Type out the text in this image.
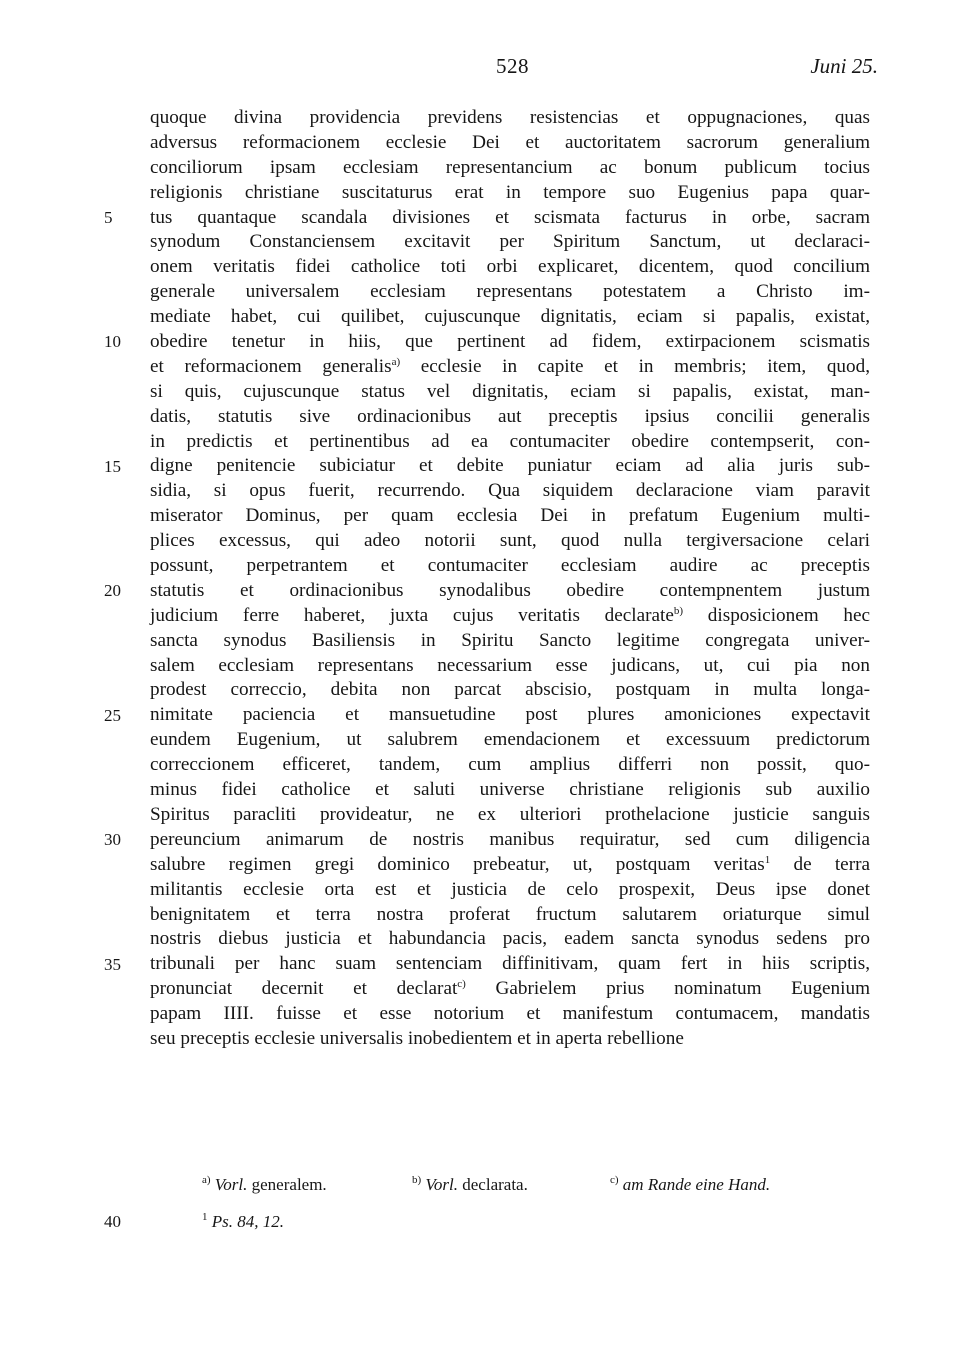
528	Juni 25.
5
10
15
20
25
30
35
quoque divina providencia previdens resistencias et oppugnaciones, quas
adversus reformacionem ecclesie Dei et auctoritatem sacrorum generalium
conciliorum ipsam ecclesiam representancium ac bonum publicum tocius
religionis christiane suscitaturus erat in tempore suo Eugenius papa quar-
tus quantaque scandala divisiones et scismata facturus in orbe, sacram
synodum Constanciensem excitavit per Spiritum Sanctum, ut declaraci-
onem veritatis fidei catholice toti orbi explicaret, dicentem, quod concilium
generale universalem ecclesiam representans potestatem a Christo im-
mediate habet, cui quilibet, cujuscunque dignitatis, eciam si papalis, existat,
obedire tenetur in hiis, que pertinent ad fidem, extirpacionem scismatis
et reformacionem generalis$^{a)}$ ecclesie in capite et in membris; item, quod,
si quis, cujuscunque status vel dignitatis, eciam si papalis, existat, man-
datis, statutis sive ordinacionibus aut preceptis ipsius concilii generalis
in predictis et pertinentibus ad ea contumaciter obedire contempserit, con-
digne penitencie subiciatur et debite puniatur eciam ad alia juris sub-
sidia, si opus fuerit, recurrendo. Qua siquidem declaracione viam paravit
miserator Dominus, per quam ecclesia Dei in prefatum Eugenium multi-
plices excessus, qui adeo notorii sunt, quod nulla tergiversacione celari
possunt, perpetrantem et contumaciter ecclesiam audire ac preceptis
statutis et ordinacionibus synodalibus obedire contempnentem justum
judicium ferre haberet, juxta cujus veritatis declarate$^{b)}$ disposicionem hec
sancta synodus Basiliensis in Spiritu Sancto legitime congregata univer-
salem ecclesiam representans necessarium esse judicans, ut, cui pia non
prodest correccio, debita non parcat abscisio, postquam in multa longa-
nimitate paciencia et mansuetudine post plures amoniciones expectavit
eundem Eugenium, ut salubrem emendacionem et excessuum predictorum
correccionem efficeret, tandem, cum amplius differri non possit, quo-
minus fidei catholice et saluti universe christiane religionis sub auxilio
Spiritus paracliti provideatur, ne ex ulteriori prothelacione justicie sanguis
pereuncium animarum de nostris manibus requiratur, sed cum diligencia
salubre regimen gregi dominico prebeatur, ut, postquam veritas$^1$ de terra
militantis ecclesie orta est et justicia de celo prospexit, Deus ipse donet
benignitatem et terra nostra proferat fructum salutarem oriaturque simul
nostris diebus justicia et habundancia pacis, eadem sancta synodus sedens pro
tribunali per hanc suam sentenciam diffinitivam, quam fert in hiis scriptis,
pronunciat decernit et declarat$^{c)}$ Gabrielem prius nominatum Eugenium
papam IIII. fuisse et esse notorium et manifestum contumacem, mandatis
seu preceptis ecclesie universalis inobedientem et in aperta rebellione
$^{a)}$ Vorl. generalem.	$^{b)}$ Vorl. declarata.	$^{c)}$ am Rande eine Hand.
40	$^1$ Ps. 84, 12.
